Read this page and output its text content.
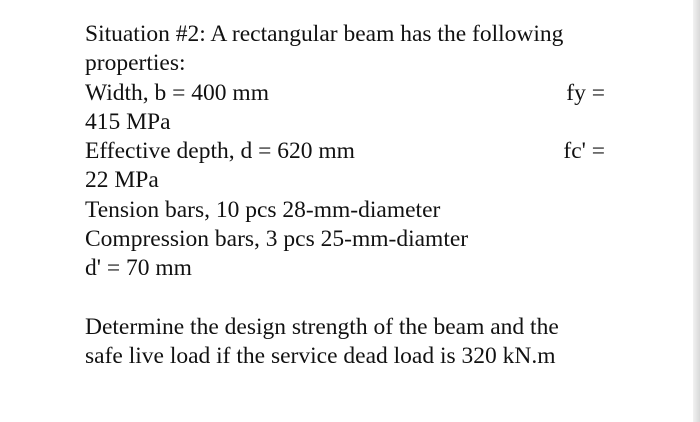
Situation #2: A rectangular beam has the following
properties:
Width, b = 400 mm	fy =
415 MPa
Effective depth, d = 620 mm	fc' =
22 MPa
Tension bars, 10 pcs 28-mm-diameter
Compression bars, 3 pcs 25-mm-diamter
d' = 70 mm
Determine the design strength of the beam and the
safe live load if the service dead load is 320 kN.m
